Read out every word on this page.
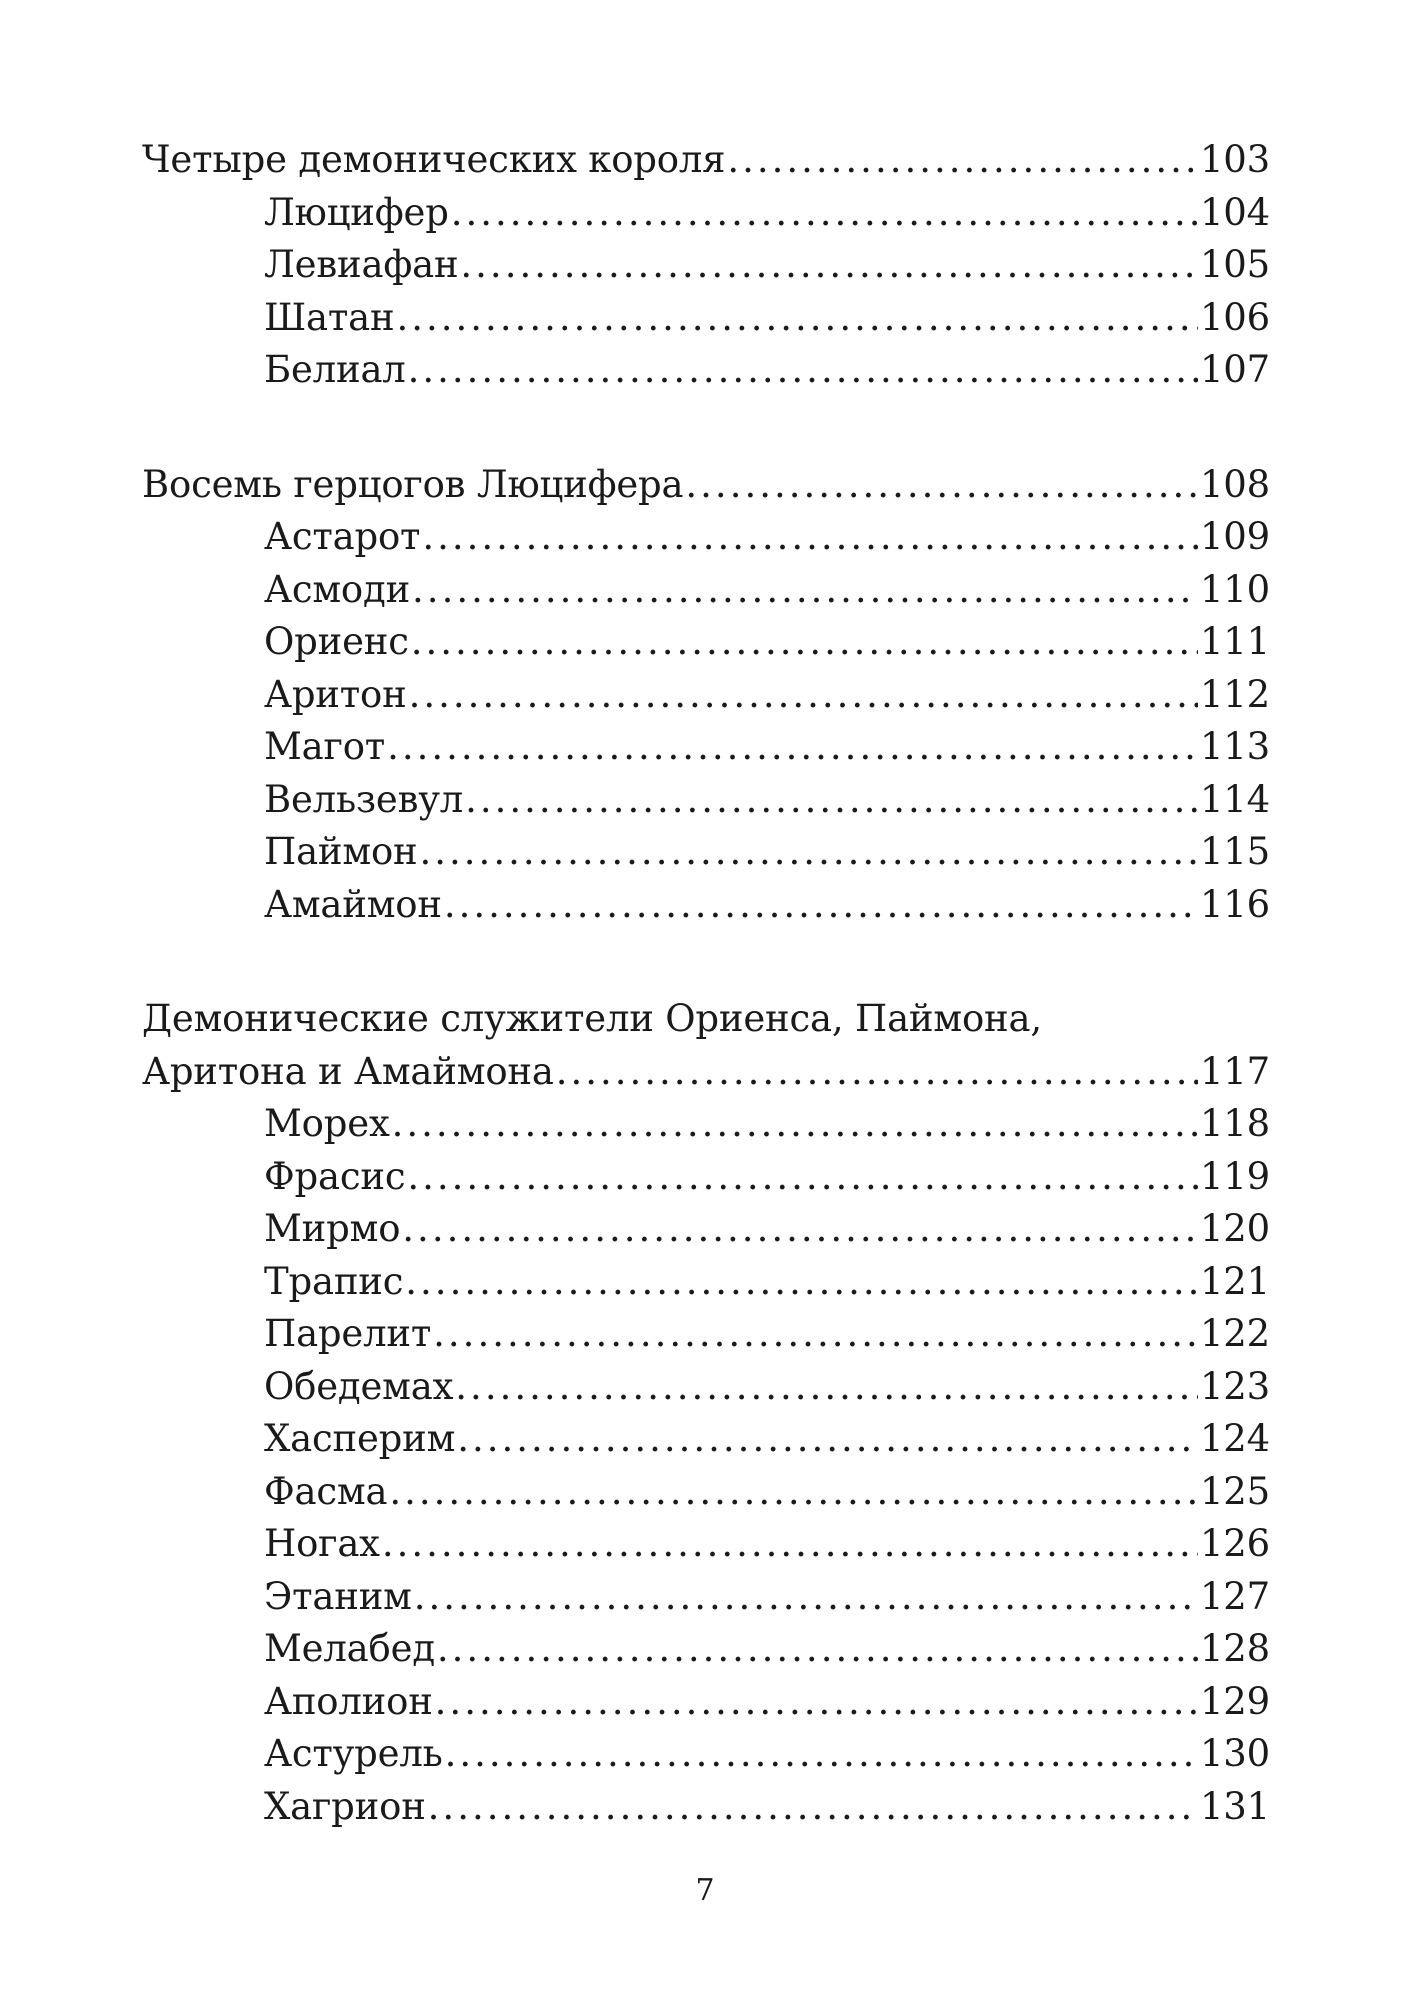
Четыре демонических короля .....	103
Люцифер .....	104
Левиафан .....	105
Шатан .....	106
Белиал .....	107
Восемь герцогов Люцифера .....	108
Астарот .....	109
Асмоди .....	110
Ориенс .....	111
Аритон .....	112
Магот .....	113
Вельзевул .....	114
Паймон .....	115
Амаймон .....	116
Демонические служители Ориенса, Паймона,
Аритона и Амаймона .....	117
Морех .....	118
Фрасис .....	119
Мирмо .....	120
Трапис .....	121
Парелит .....	122
Обедемах .....	123
Хасперим .....	124
Фасма .....	125
Ногах .....	126
Этаним .....	127
Мелабед .....	128
Аполион .....	129
Астурель .....	130
Хагрион .....	131
7
